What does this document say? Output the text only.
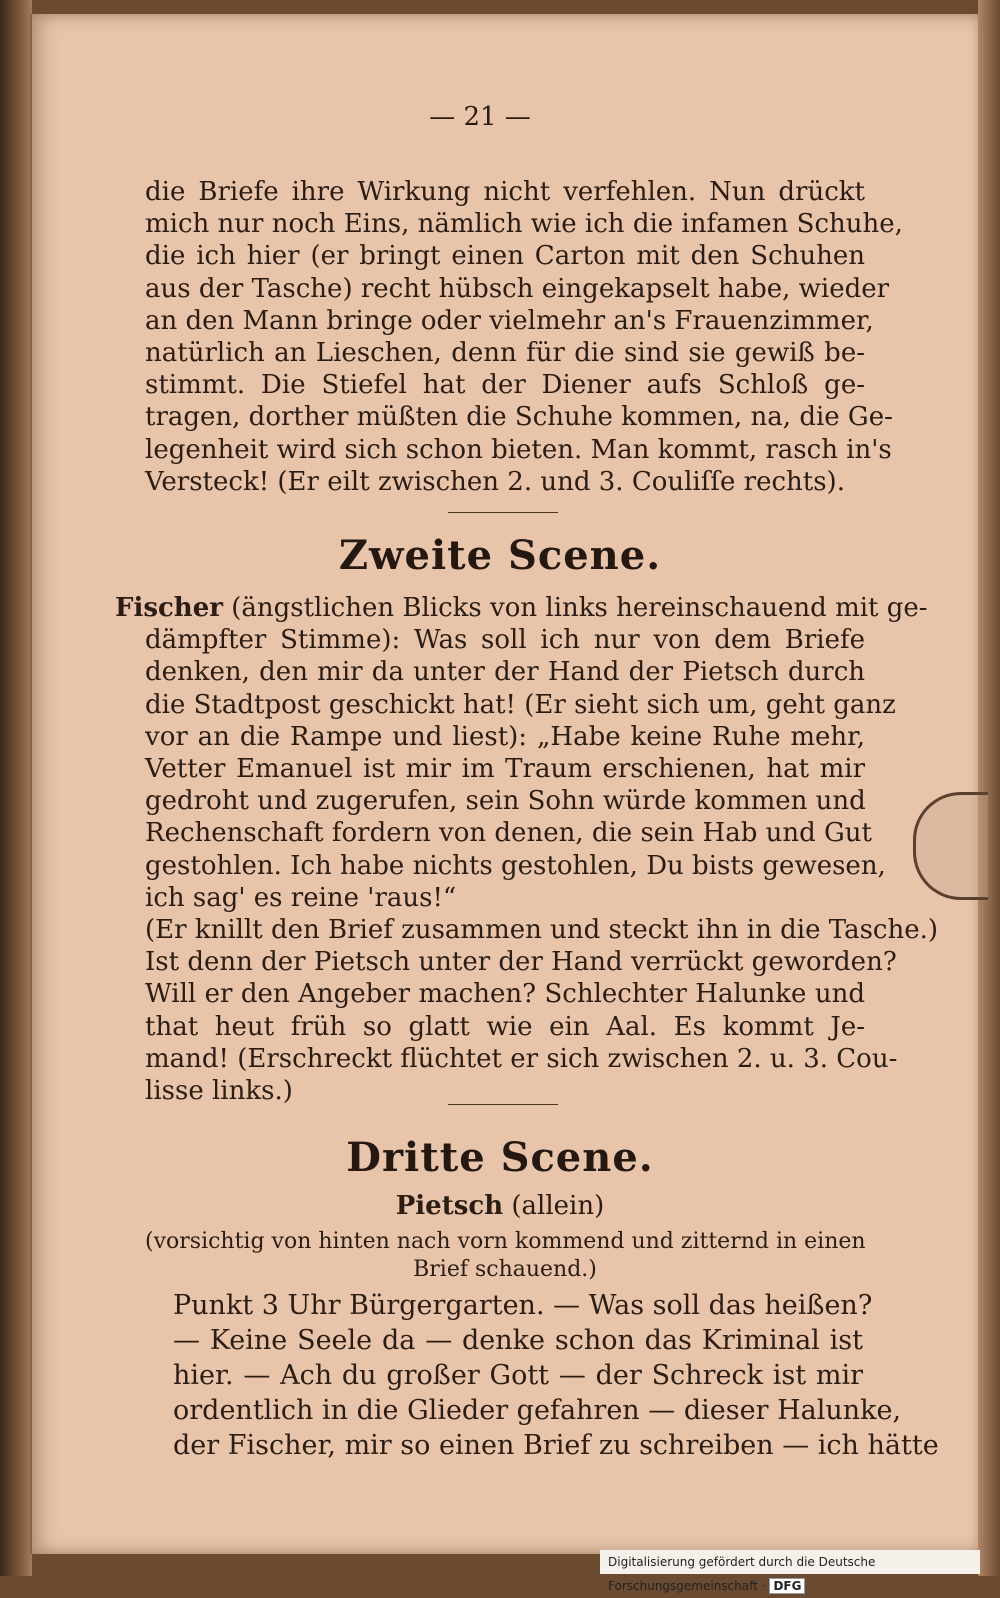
— 21 —
die Briefe ihre Wirkung nicht verfehlen. Nun drückt
mich nur noch Eins, nämlich wie ich die infamen Schuhe,
die ich hier (er bringt einen Carton mit den Schuhen
aus der Tasche) recht hübsch eingekapselt habe, wieder
an den Mann bringe oder vielmehr an's Frauenzimmer,
natürlich an Lieschen, denn für die sind sie gewiß be-
stimmt. Die Stiefel hat der Diener aufs Schloß ge-
tragen, dorther müßten die Schuhe kommen, na, die Ge-
legenheit wird sich schon bieten. Man kommt, rasch in's
Versteck! (Er eilt zwischen 2. und 3. Couliſſe rechts).
Zweite Scene.
Fischer (ängstlichen Blicks von links hereinschauend mit ge-
dämpfter Stimme): Was soll ich nur von dem Briefe
denken, den mir da unter der Hand der Pietsch durch
die Stadtpost geschickt hat! (Er sieht sich um, geht ganz
vor an die Rampe und liest): „Habe keine Ruhe mehr,
Vetter Emanuel ist mir im Traum erschienen, hat mir
gedroht und zugerufen, sein Sohn würde kommen und
Rechenschaft fordern von denen, die sein Hab und Gut
gestohlen. Ich habe nichts gestohlen, Du bists gewesen,
ich sag' es reine 'raus!“
(Er knillt den Brief zusammen und steckt ihn in die Tasche.)
Ist denn der Pietsch unter der Hand verrückt geworden?
Will er den Angeber machen? Schlechter Halunke und
that heut früh so glatt wie ein Aal. Es kommt Je-
mand! (Erschreckt flüchtet er sich zwischen 2. u. 3. Cou-
lisse links.)
Dritte Scene.
Pietsch (allein)
(vorsichtig von hinten nach vorn kommend und zitternd in einen
Brief schauend.)
Punkt 3 Uhr Bürgergarten. — Was soll das heißen?
— Keine Seele da — denke schon das Kriminal ist
hier. — Ach du großer Gott — der Schreck ist mir
ordentlich in die Glieder gefahren — dieser Halunke,
der Fischer, mir so einen Brief zu schreiben — ich hätte
Digitalisierung gefördert durch die Deutsche Forschungsgemeinschaft · DFG
